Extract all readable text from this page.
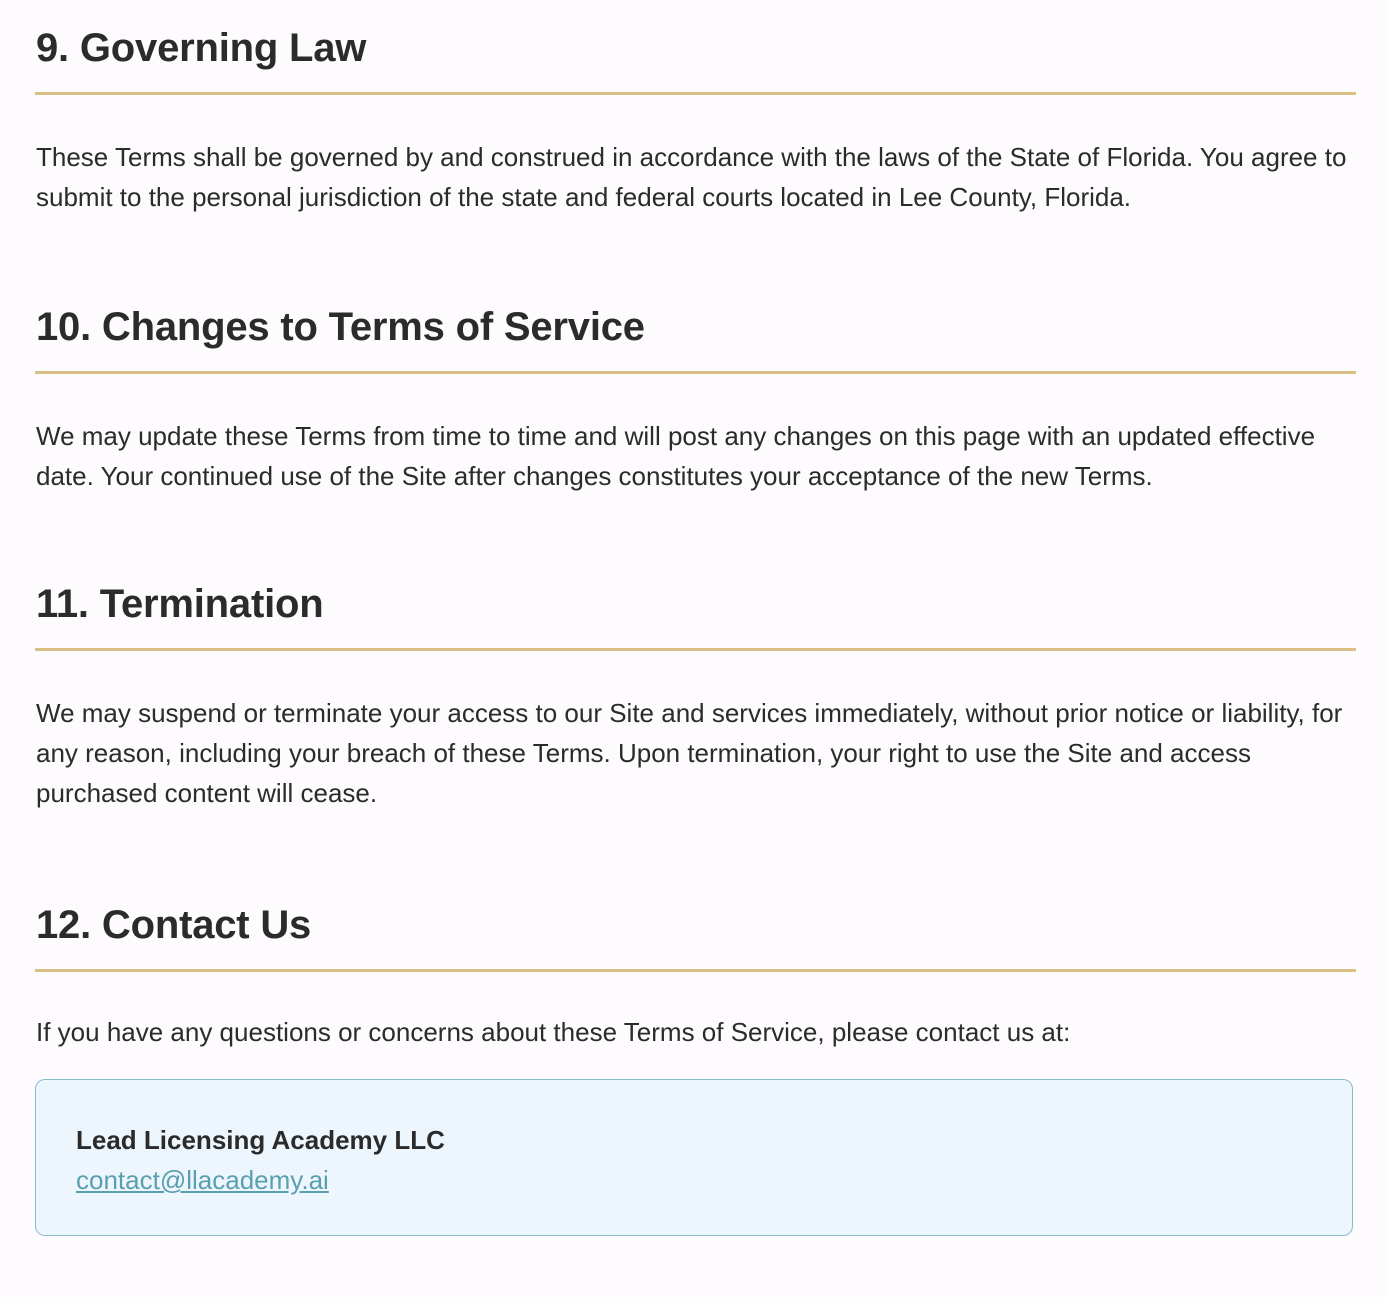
9. Governing Law

These Terms shall be governed by and construed in accordance with the laws of the State of Florida. You agree to submit to the personal jurisdiction of the state and federal courts located in Lee County, Florida.

10. Changes to Terms of Service

We may update these Terms from time to time and will post any changes on this page with an updated effective date. Your continued use of the Site after changes constitutes your acceptance of the new Terms.

11. Termination

We may suspend or terminate your access to our Site and services immediately, without prior notice or liability, for any reason, including your breach of these Terms. Upon termination, your right to use the Site and access purchased content will cease.

12. Contact Us

If you have any questions or concerns about these Terms of Service, please contact us at:

Lead Licensing Academy LLC
contact@llacademy.ai
